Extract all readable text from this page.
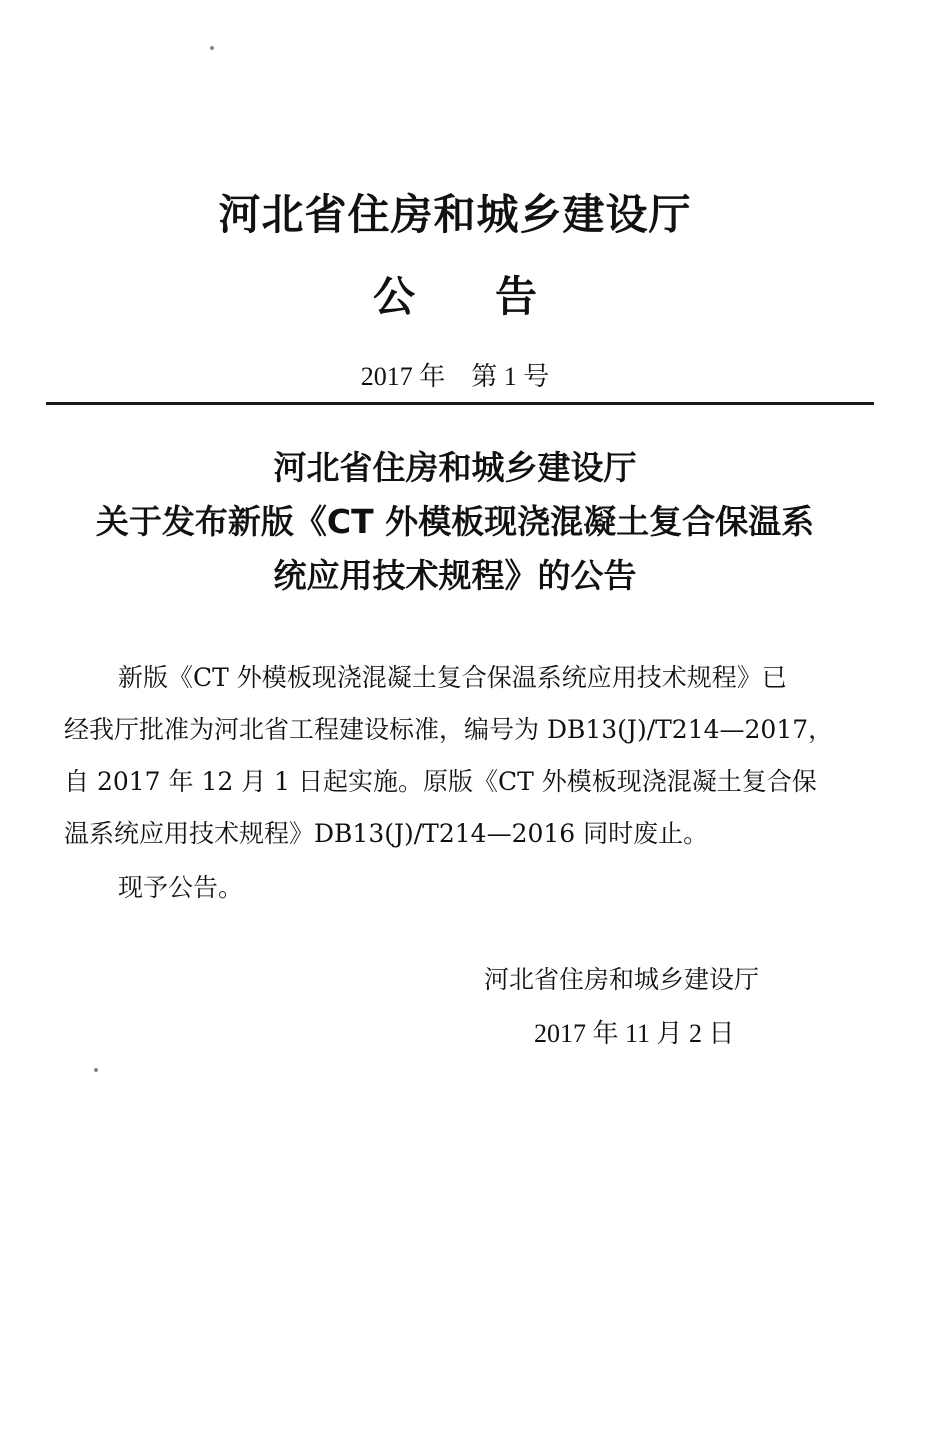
河北省住房和城乡建设厅
公告
2017 年 第 1 号
河北省住房和城乡建设厅
关于发布新版《CT 外模板现浇混凝土复合保温系
统应用技术规程》的公告
新版《CT 外模板现浇混凝土复合保温系统应用技术规程》已
经我厅批准为河北省工程建设标准，编号为 DB13(J)/T214—2017，
自 2017 年 12 月 1 日起实施。原版《CT 外模板现浇混凝土复合保
温系统应用技术规程》DB13(J)/T214—2016 同时废止。
现予公告。
河北省住房和城乡建设厅
2017 年 11 月 2 日
